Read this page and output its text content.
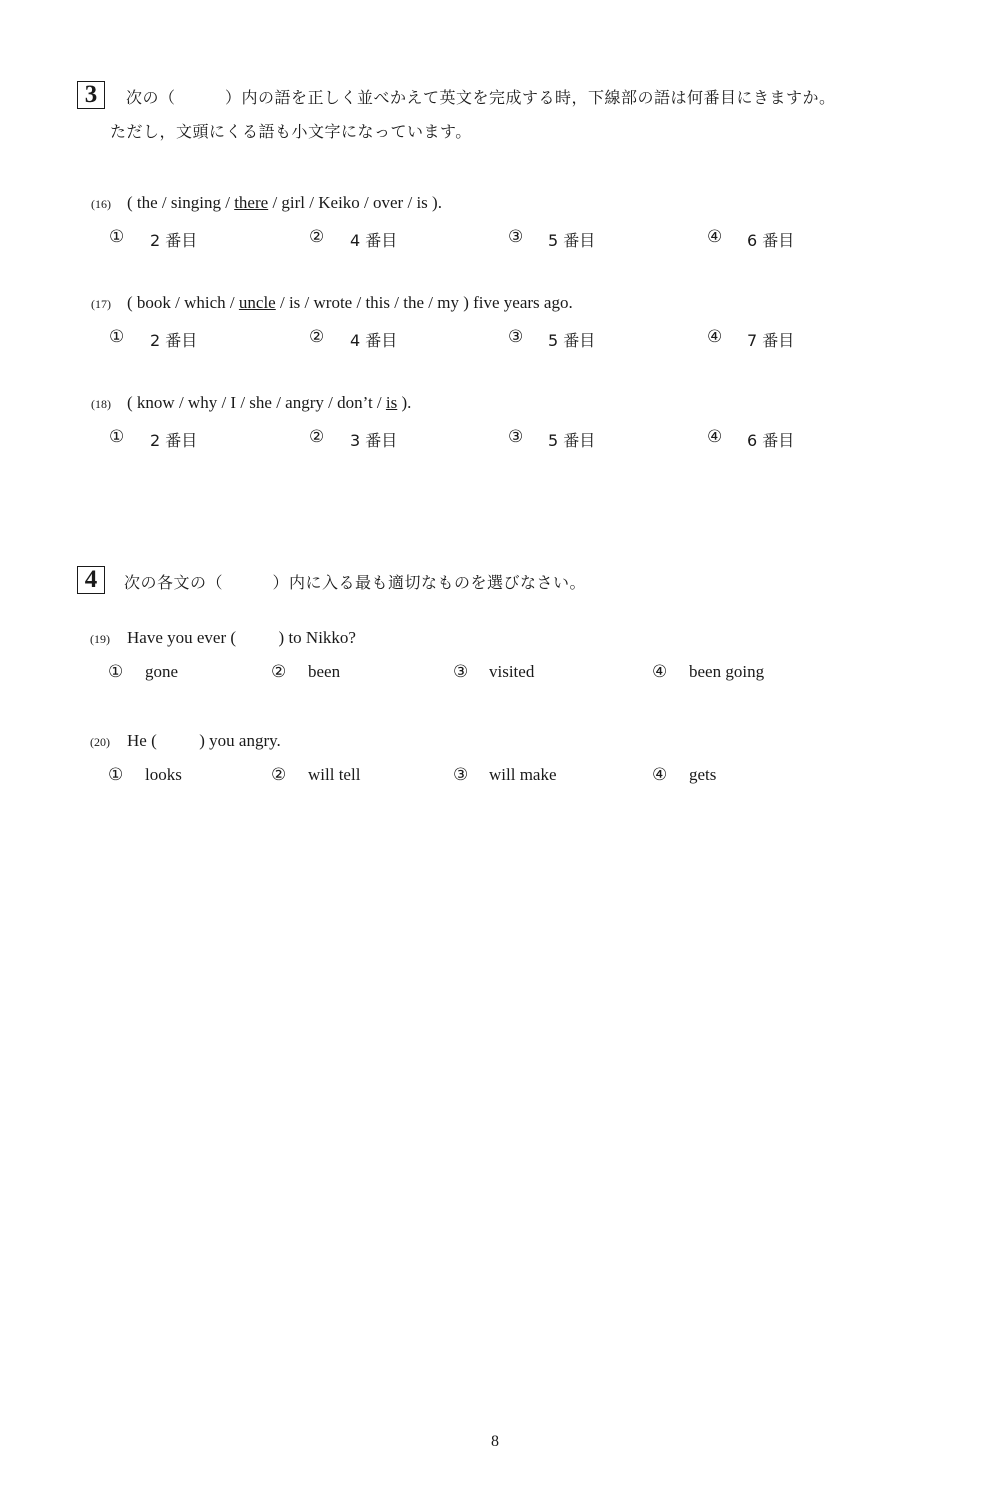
3	次の（　　　）内の語を正しく並べかえて英文を完成する時，下線部の語は何番目にきますか。
ただし，文頭にくる語も小文字になっています。
(16) ( the / singing / there / girl / Keiko / over / is ).
① 2 番目	② 4 番目	③ 5 番目	④ 6 番目
(17) ( book / which / uncle / is / wrote / this / the / my ) five years ago.
① 2 番目	② 4 番目	③ 5 番目	④ 7 番目
(18) ( know / why / I / she / angry / don’t / is ).
① 2 番目	② 3 番目	③ 5 番目	④ 6 番目
4	次の各文の（　　　）内に入る最も適切なものを選びなさい。
(19) Have you ever (          ) to Nikko?
① gone	② been	③ visited	④ been going
(20) He (          ) you angry.
① looks	② will tell	③ will make	④ gets
8
